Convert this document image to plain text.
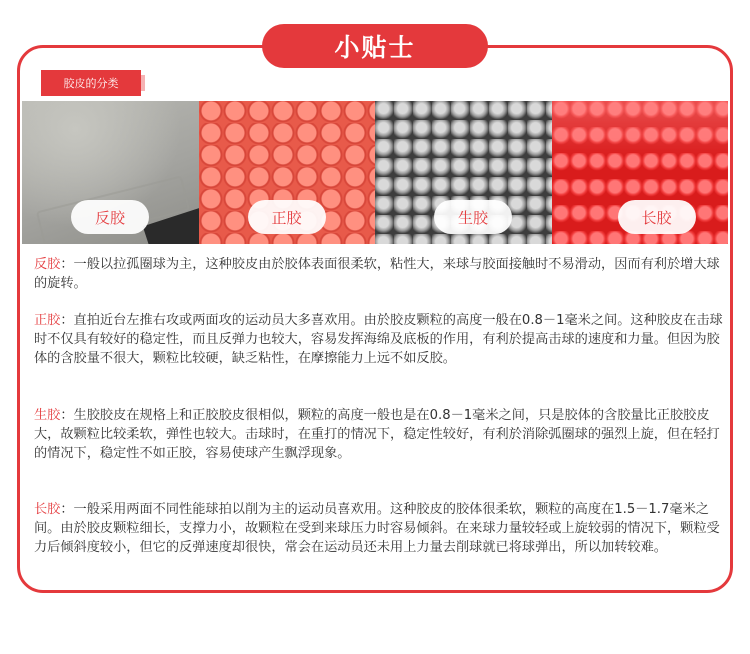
小贴士
胶皮的分类
反胶	正胶	生胶	长胶

反胶：一般以拉孤圈球为主，这种胶皮由於胶体表面很柔软，粘性大，来球与胶面接触时不易滑动，因而有利於增大球的旋转。

正胶：直拍近台左推右攻或两面攻的运动员大多喜欢用。由於胶皮颗粒的高度一般在0.8－1毫米之间。这种胶皮在击球时不仅具有较好的稳定性，而且反弹力也较大，容易发挥海绵及底板的作用，有利於提高击球的速度和力量。但因为胶体的含胶量不很大，颗粒比较硬，缺乏粘性，在摩擦能力上远不如反胶。

生胶：生胶胶皮在规格上和正胶胶皮很相似，颗粒的高度一般也是在0.8－1毫米之间，只是胶体的含胶量比正胶胶皮大，故颗粒比较柔软，弹性也较大。击球时，在重打的情况下，稳定性较好，有利於消除弧圈球的强烈上旋，但在轻打的情况下，稳定性不如正胶，容易使球产生飘浮现象。

长胶：一般采用两面不同性能球拍以削为主的运动员喜欢用。这种胶皮的胶体很柔软，颗粒的高度在1.5－1.7毫米之间。由於胶皮颗粒细长，支撑力小，故颗粒在受到来球压力时容易倾斜。在来球力量较轻或上旋较弱的情况下，颗粒受力后倾斜度较小，但它的反弹速度却很快，常会在运动员还未用上力量去削球就已将球弹出，所以加转较难。
